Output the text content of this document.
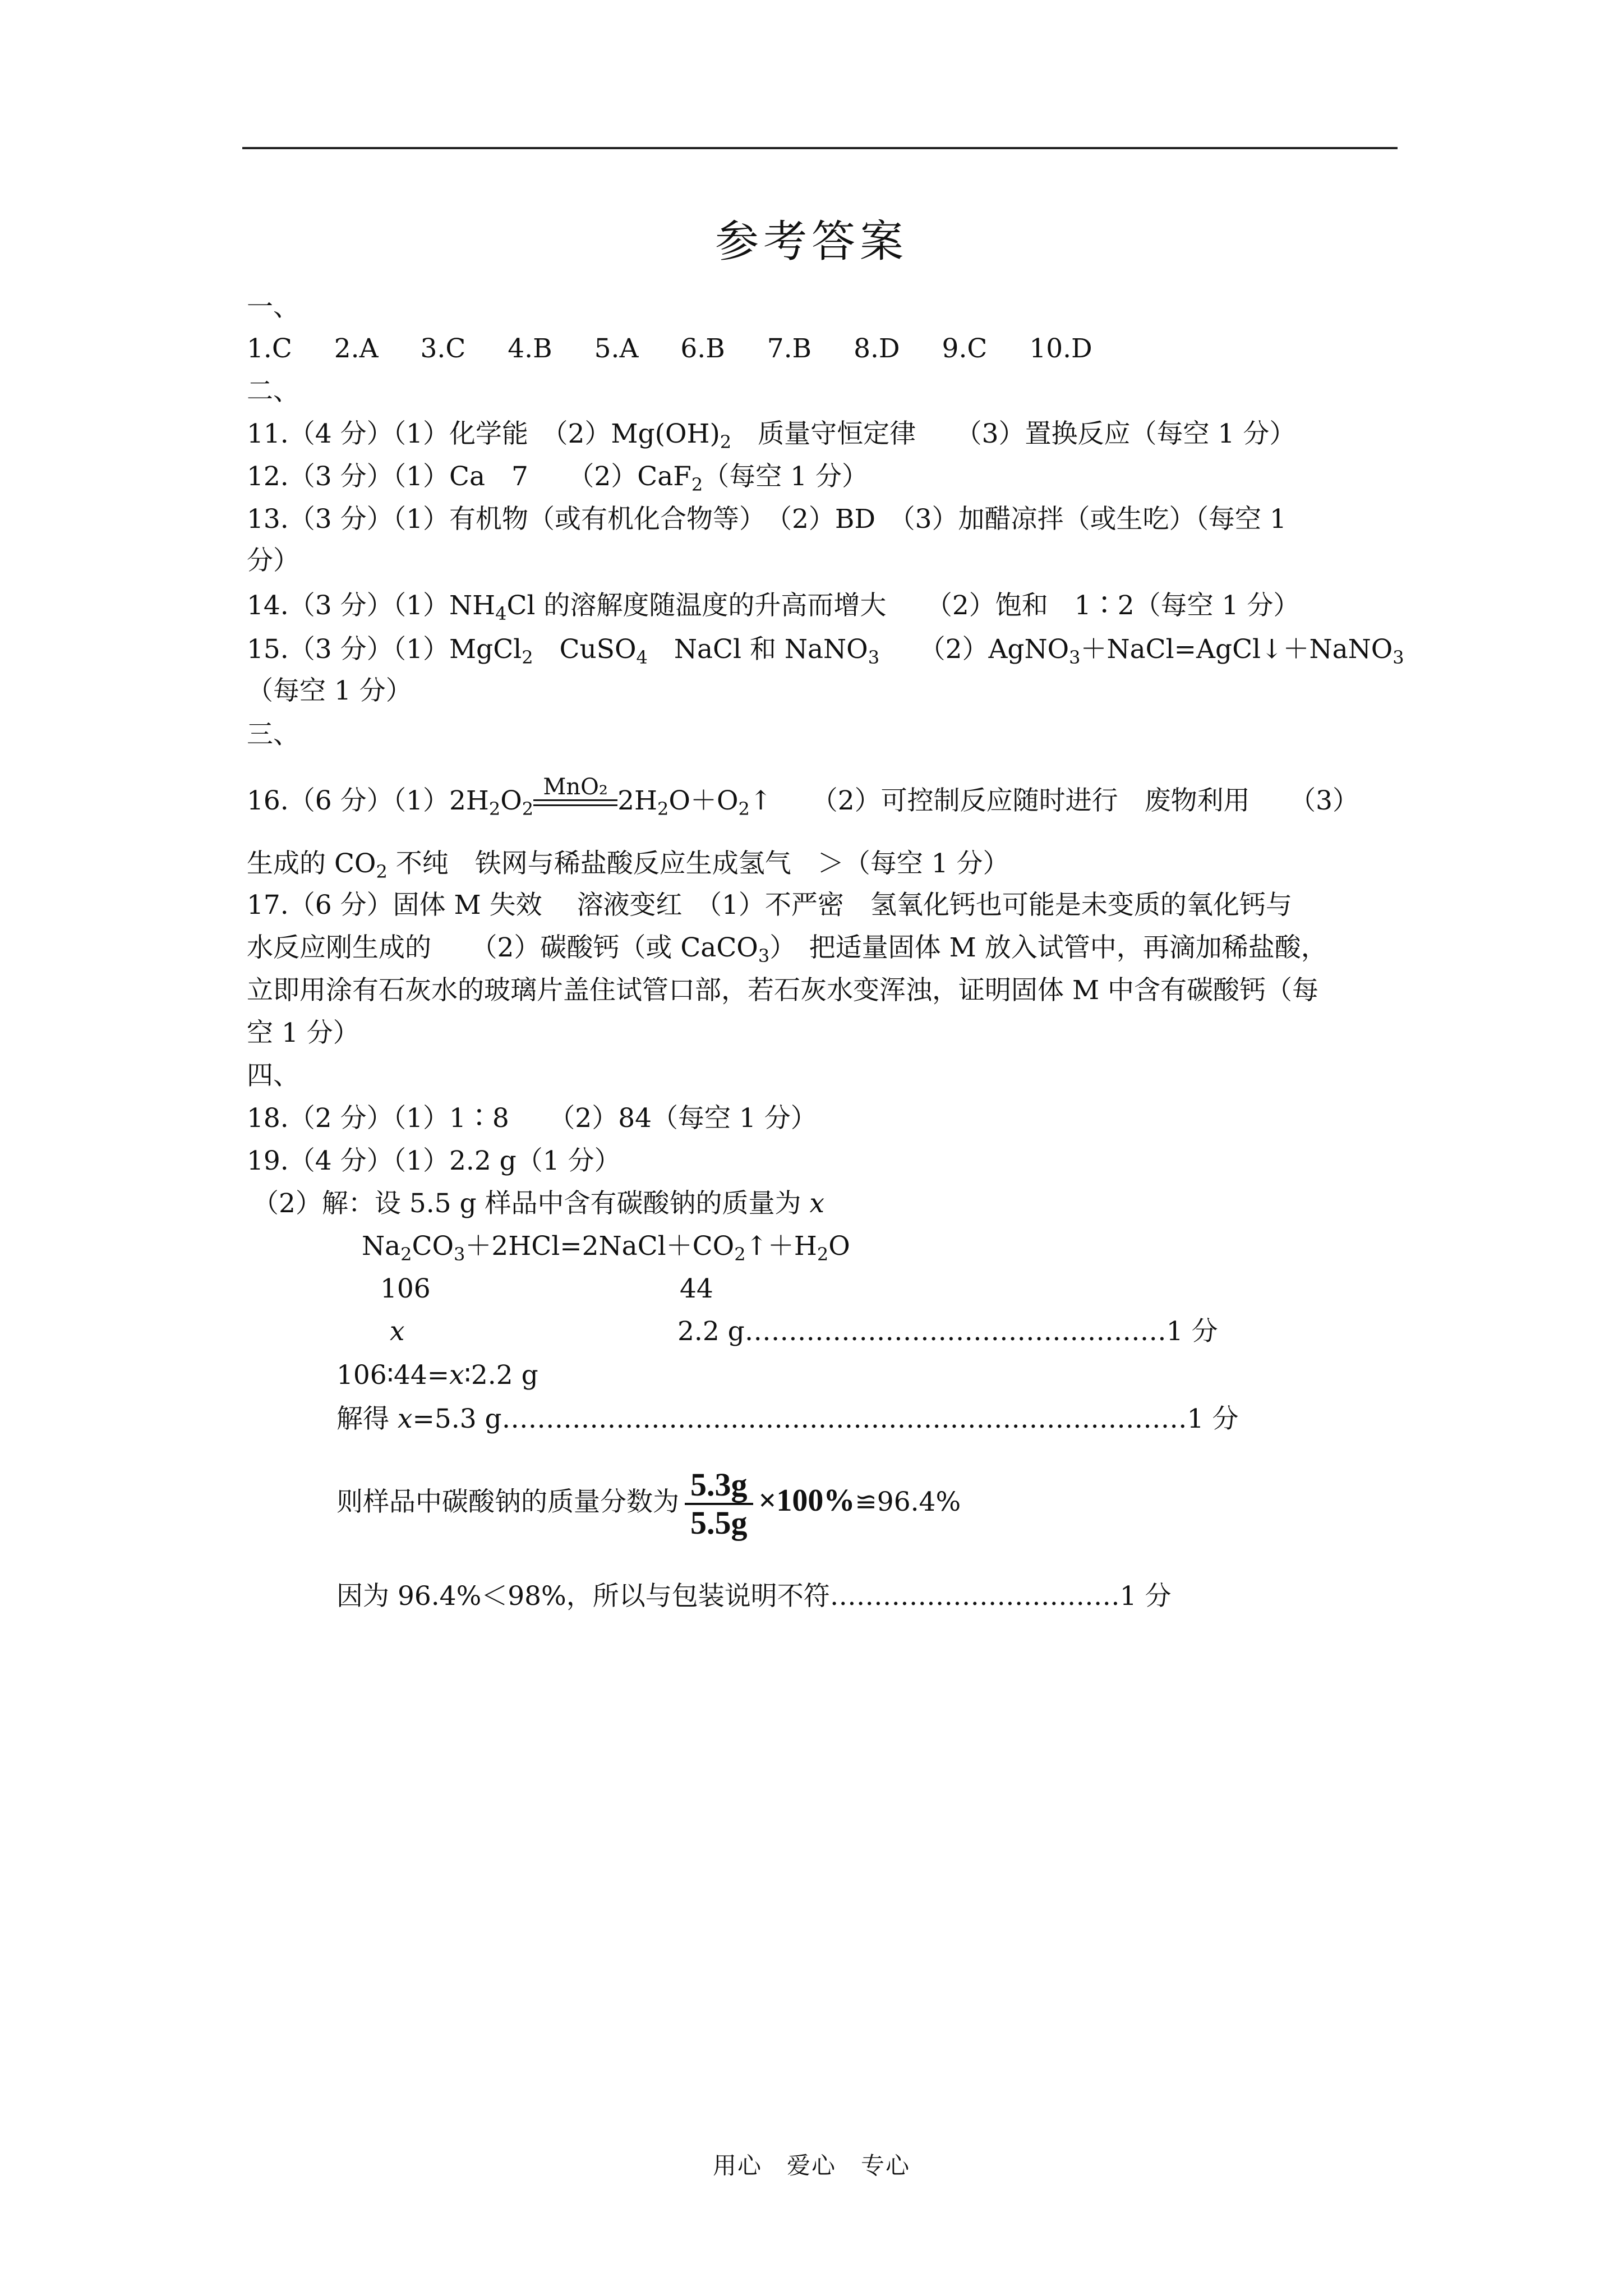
参考答案
一、
1.C 2.A 3.C 4.B 5.A 6.B 7.B 8.D 9.C 10.D
二、
11.（4 分）（1）化学能　$(2)Mg(OH)_2$　质量守恒定律　　（3）置换反应（每空 1 分）
12.（3 分）（1）Ca　7　　（2）CaF$_2$（每空 1 分）
13.（3 分）（1）有机物（或有机化合物等）　（2）BD　（3）加醋凉拌（或生吃）（每空 1
分）
14.（3 分）$(1)NH_4Cl$ 的溶解度随温度的升高而增大　　（2）饱和　1∶2（每空 1 分）
15.（3 分）（1）MgCl$_2$　CuSO$_4$　NaCl 和 NaNO$_3$　　（2）AgNO$_3$＋NaCl=AgCl↓＋NaNO$_3$
（每空 1 分）
三、
16.（6 分）$(1)2H_2O_2$
MnO₂ $2H_2O+O_2↑$　　（2）可控制反应随时进行　废物利用　　（3）
生成的 $CO_2$ 不纯　铁网与稀盐酸反应生成氢气　＞（每空 1 分）
17.（6 分）固体 M 失效　 溶液变红　（1）不严密　氢氧化钙也可能是未变质的氧化钙与
水反应刚生成的　　（2）碳酸钙（或 CaCO$_3$）　把适量固体 M 放入试管中，再滴加稀盐酸，
立即用涂有石灰水的玻璃片盖住试管口部，若石灰水变浑浊，证明固体 M 中含有碳酸钙（每
空 1 分）
四、
18.（2 分）（1）1∶8　　（2）84（每空 1 分）
19.（4 分）（1）2.2 g（1 分）
（2）解：设 5.5 g 样品中含有碳酸钠的质量为 x
$Na_2CO_3+2HCl=2NaCl+CO_2↑+H_2O$
106	44
x	2.2 g…………………………………………1 分
106∶44=x∶2.2 g
解得 x=5.3 g……………………………………………………………………1 分
则样品中碳酸钠的质量分数为 $\frac{5.3g}{5.5g}$ ×100%≌96.4%
因为 96.4%＜98%，所以与包装说明不符……………………………1 分
用心　爱心　专心
